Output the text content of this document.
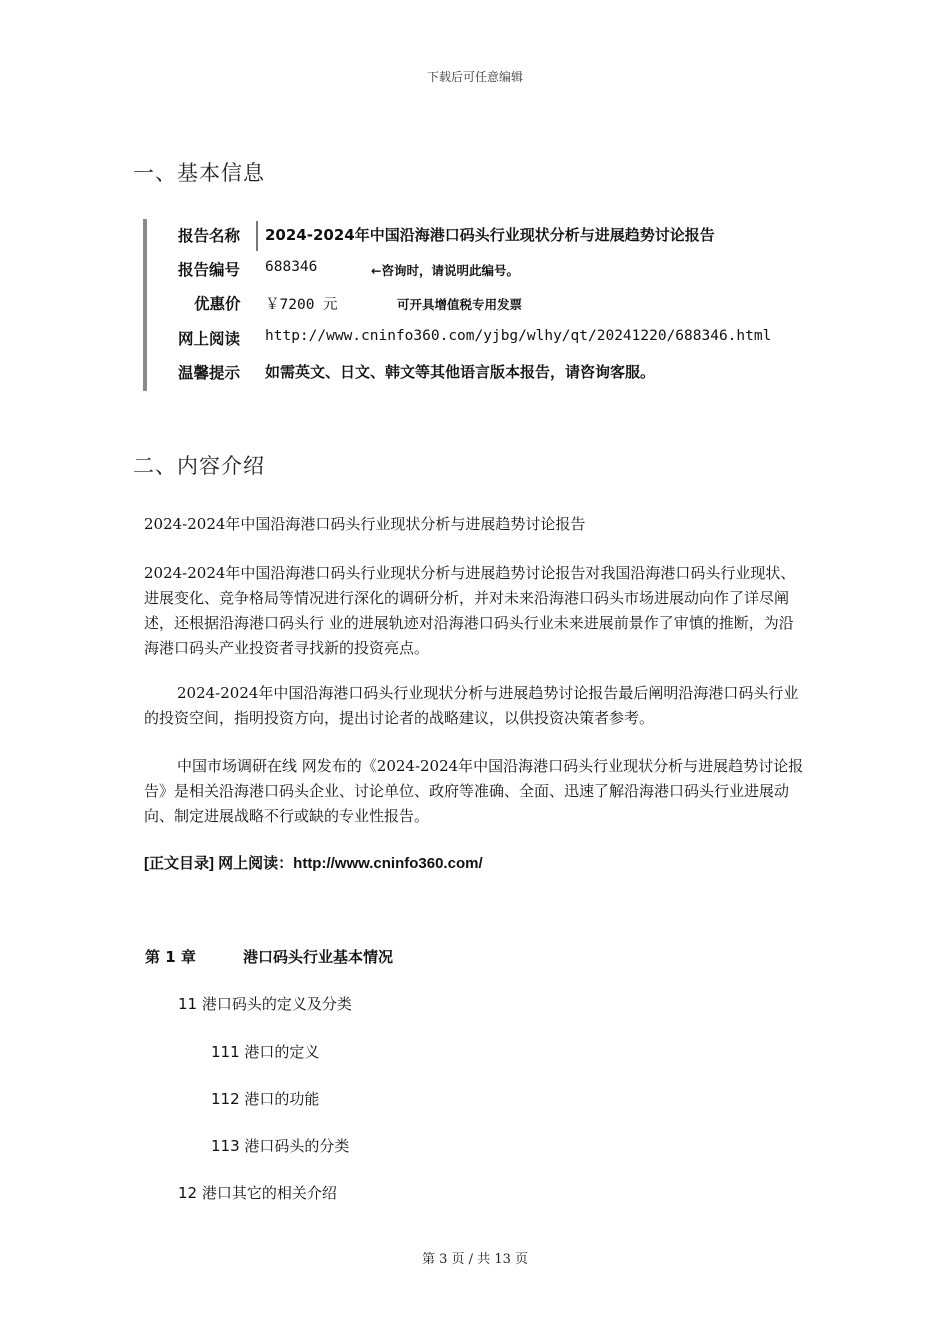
下载后可任意编辑
一、基本信息
报告名称 2024-2024年中国沿海港口码头行业现状分析与进展趋势讨论报告
报告编号 688346	←咨询时，请说明此编号。
优惠价 ￥7200 元	可开具增值税专用发票
网上阅读 http://www.cninfo360.com/yjbg/wlhy/qt/20241220/688346.html
温馨提示 如需英文、日文、韩文等其他语言版本报告，请咨询客服。
二、内容介绍
2024-2024年中国沿海港口码头行业现状分析与进展趋势讨论报告
2024-2024年中国沿海港口码头行业现状分析与进展趋势讨论报告对我国沿海港口码头行业现状、进展变化、竞争格局等情况进行深化的调研分析，并对未来沿海港口码头市场进展动向作了详尽阐述，还根据沿海港口码头行 业的进展轨迹对沿海港口码头行业未来进展前景作了审慎的推断，为沿海港口码头产业投资者寻找新的投资亮点。
2024-2024年中国沿海港口码头行业现状分析与进展趋势讨论报告最后阐明沿海港口码头行业的投资空间，指明投资方向，提出讨论者的战略建议，以供投资决策者参考。
中国市场调研在线 网发布的《2024-2024年中国沿海港口码头行业现状分析与进展趋势讨论报告》是相关沿海港口码头企业、讨论单位、政府等准确、全面、迅速了解沿海港口码头行业进展动向、制定进展战略不行或缺的专业性报告。
[正文目录] 网上阅读：http://www.cninfo360.com/
第 1 章	港口码头行业基本情况
11 港口码头的定义及分类
111 港口的定义
112 港口的功能
113 港口码头的分类
12 港口其它的相关介绍
第 3 页 / 共 13 页
